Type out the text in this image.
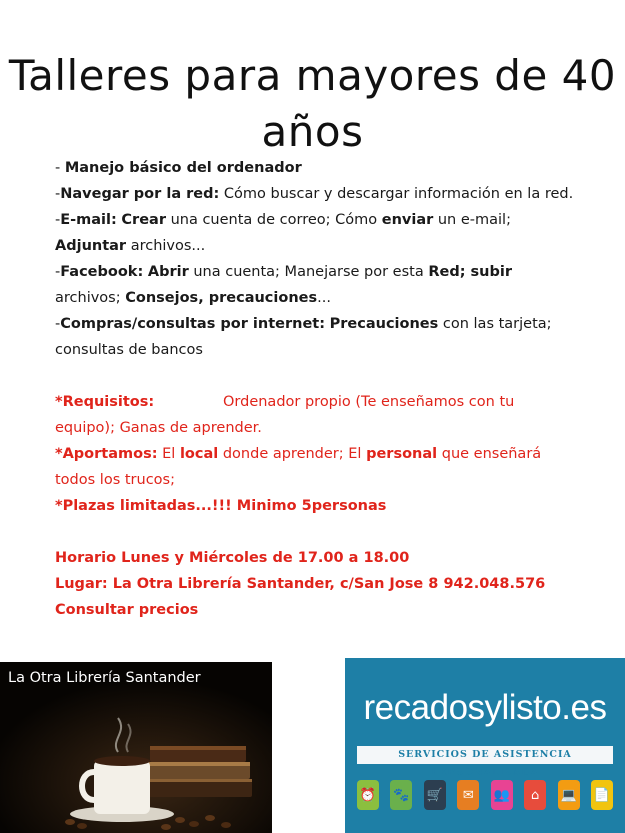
Talleres para mayores de 40 años

- Manejo básico del ordenador

-Navegar por la red: Cómo buscar y descargar información en la red.

-E-mail: Crear una cuenta de correo; Cómo enviar un e-mail; Adjuntar archivos...

-Facebook: Abrir una cuenta; Manejarse por esta Red; subir archivos; Consejos, precauciones...

-Compras/consultas por internet: Precauciones con las tarjeta; consultas de bancos

*Requisitos:	Ordenador propio (Te enseñamos con tu equipo); Ganas de aprender.

*Aportamos: El local donde aprender; El personal que enseñará todos los trucos;

*Plazas limitadas...!!! Minimo 5personas

Horario Lunes y Miércoles de 17.00 a 18.00

Lugar: La Otra Librería Santander, c/San Jose 8 942.048.576

Consultar precios

La Otra Librería Santander
recadosylisto.es
SERVICIOS DE ASISTENCIA PERSONALIZADA
⏰ 🐾 🛒	✉	👥	⌂	💻 📄
